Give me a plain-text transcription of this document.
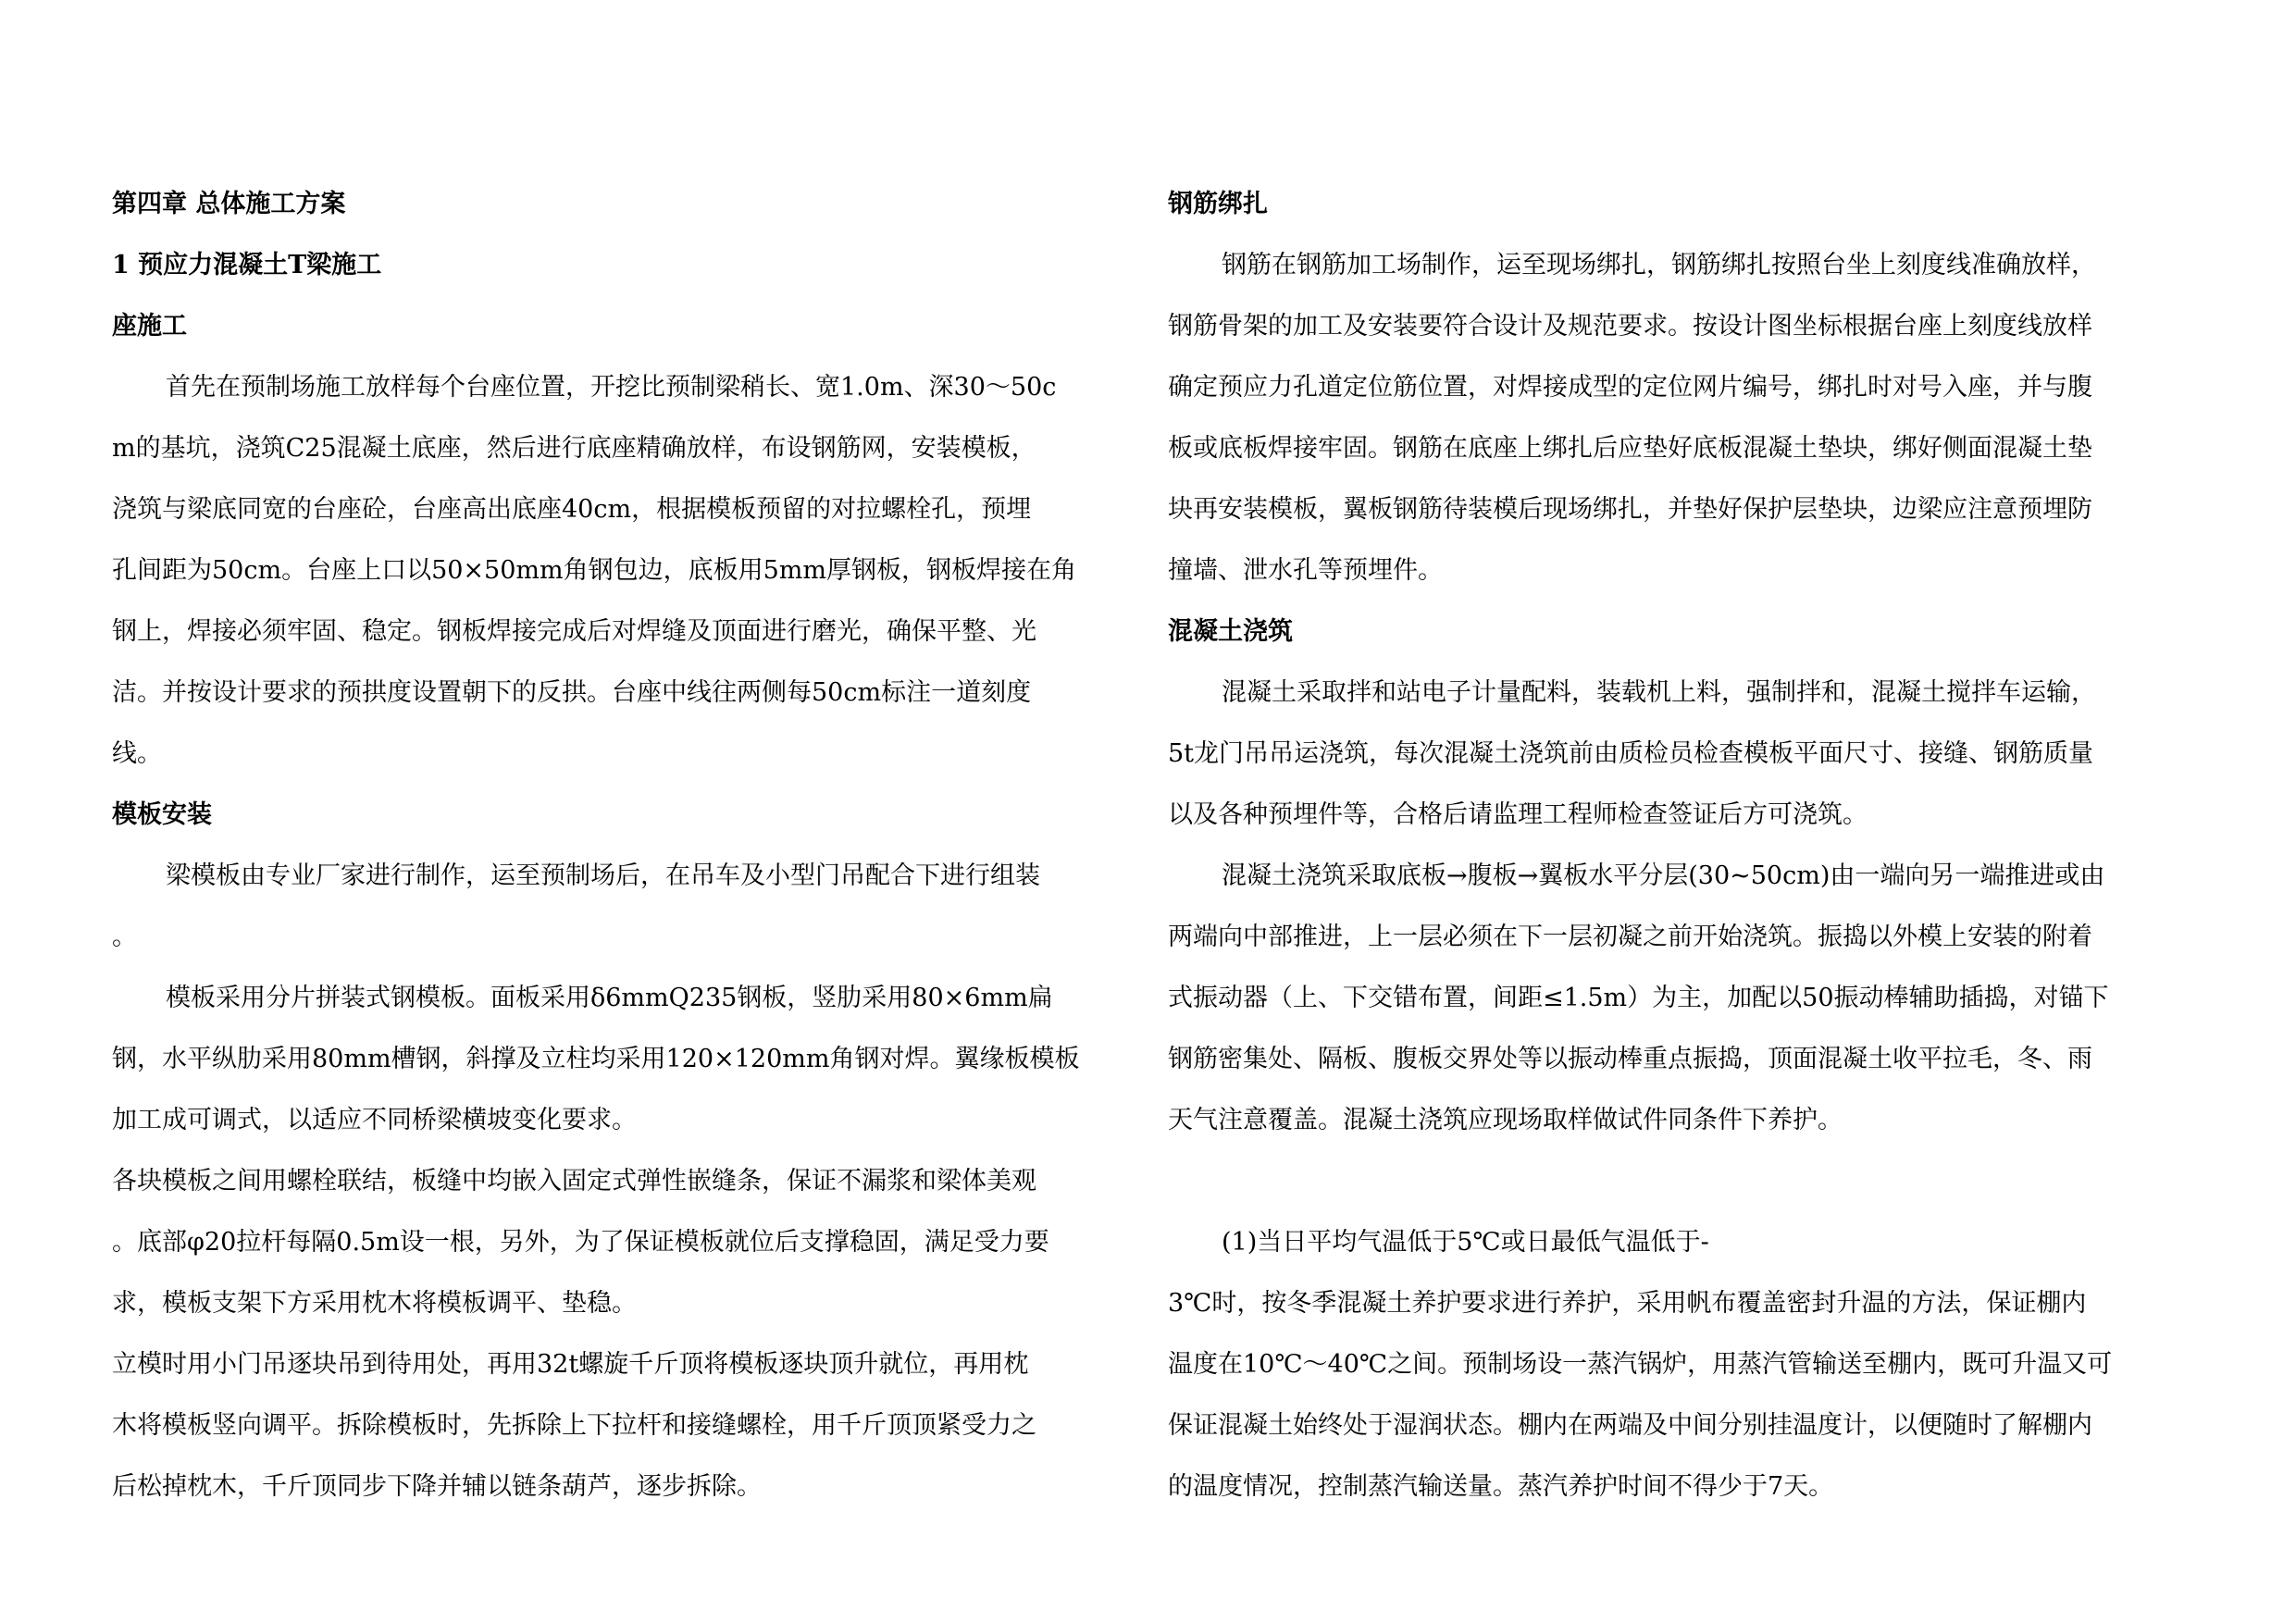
第四章 总体施工方案
1 预应力混凝土T梁施工
座施工
首先在预制场施工放样每个台座位置，开挖比预制梁稍长、宽1.0m、深30～50c
m的基坑，浇筑C25混凝土底座，然后进行底座精确放样，布设钢筋网，安装模板，
浇筑与梁底同宽的台座砼，台座高出底座40cm，根据模板预留的对拉螺栓孔，预埋
孔间距为50cm。台座上口以50×50mm角钢包边，底板用5mm厚钢板，钢板焊接在角
钢上，焊接必须牢固、稳定。钢板焊接完成后对焊缝及顶面进行磨光，确保平整、光
洁。并按设计要求的预拱度设置朝下的反拱。台座中线往两侧每50cm标注一道刻度
线。
模板安装
梁模板由专业厂家进行制作，运至预制场后，在吊车及小型门吊配合下进行组装
。
模板采用分片拼装式钢模板。面板采用δ6mmQ235钢板，竖肋采用80×6mm扁
钢，水平纵肋采用80mm槽钢，斜撑及立柱均采用120×120mm角钢对焊。翼缘板模板
加工成可调式，以适应不同桥梁横坡变化要求。
各块模板之间用螺栓联结，板缝中均嵌入固定式弹性嵌缝条，保证不漏浆和梁体美观
。底部φ20拉杆每隔0.5m设一根，另外，为了保证模板就位后支撑稳固，满足受力要
求，模板支架下方采用枕木将模板调平、垫稳。
立模时用小门吊逐块吊到待用处，再用32t螺旋千斤顶将模板逐块顶升就位，再用枕
木将模板竖向调平。拆除模板时，先拆除上下拉杆和接缝螺栓，用千斤顶顶紧受力之
后松掉枕木，千斤顶同步下降并辅以链条葫芦，逐步拆除。
钢筋绑扎
钢筋在钢筋加工场制作，运至现场绑扎，钢筋绑扎按照台坐上刻度线准确放样，
钢筋骨架的加工及安装要符合设计及规范要求。按设计图坐标根据台座上刻度线放样
确定预应力孔道定位筋位置，对焊接成型的定位网片编号，绑扎时对号入座，并与腹
板或底板焊接牢固。钢筋在底座上绑扎后应垫好底板混凝土垫块，绑好侧面混凝土垫
块再安装模板，翼板钢筋待装模后现场绑扎，并垫好保护层垫块，边梁应注意预埋防
撞墙、泄水孔等预埋件。
混凝土浇筑
混凝土采取拌和站电子计量配料，装载机上料，强制拌和，混凝土搅拌车运输，
5t龙门吊吊运浇筑，每次混凝土浇筑前由质检员检查模板平面尺寸、接缝、钢筋质量
以及各种预埋件等，合格后请监理工程师检查签证后方可浇筑。
混凝土浇筑采取底板→腹板→翼板水平分层(30~50cm)由一端向另一端推进或由
两端向中部推进，上一层必须在下一层初凝之前开始浇筑。振捣以外模上安装的附着
式振动器（上、下交错布置，间距≤1.5m）为主，加配以50振动棒辅助插捣，对锚下
钢筋密集处、隔板、腹板交界处等以振动棒重点振捣，顶面混凝土收平拉毛，冬、雨
天气注意覆盖。混凝土浇筑应现场取样做试件同条件下养护。
(1)当日平均气温低于5℃或日最低气温低于-
3℃时，按冬季混凝土养护要求进行养护，采用帆布覆盖密封升温的方法，保证棚内
温度在10℃～40℃之间。预制场设一蒸汽锅炉，用蒸汽管输送至棚内，既可升温又可
保证混凝土始终处于湿润状态。棚内在两端及中间分别挂温度计，以便随时了解棚内
的温度情况，控制蒸汽输送量。蒸汽养护时间不得少于7天。
